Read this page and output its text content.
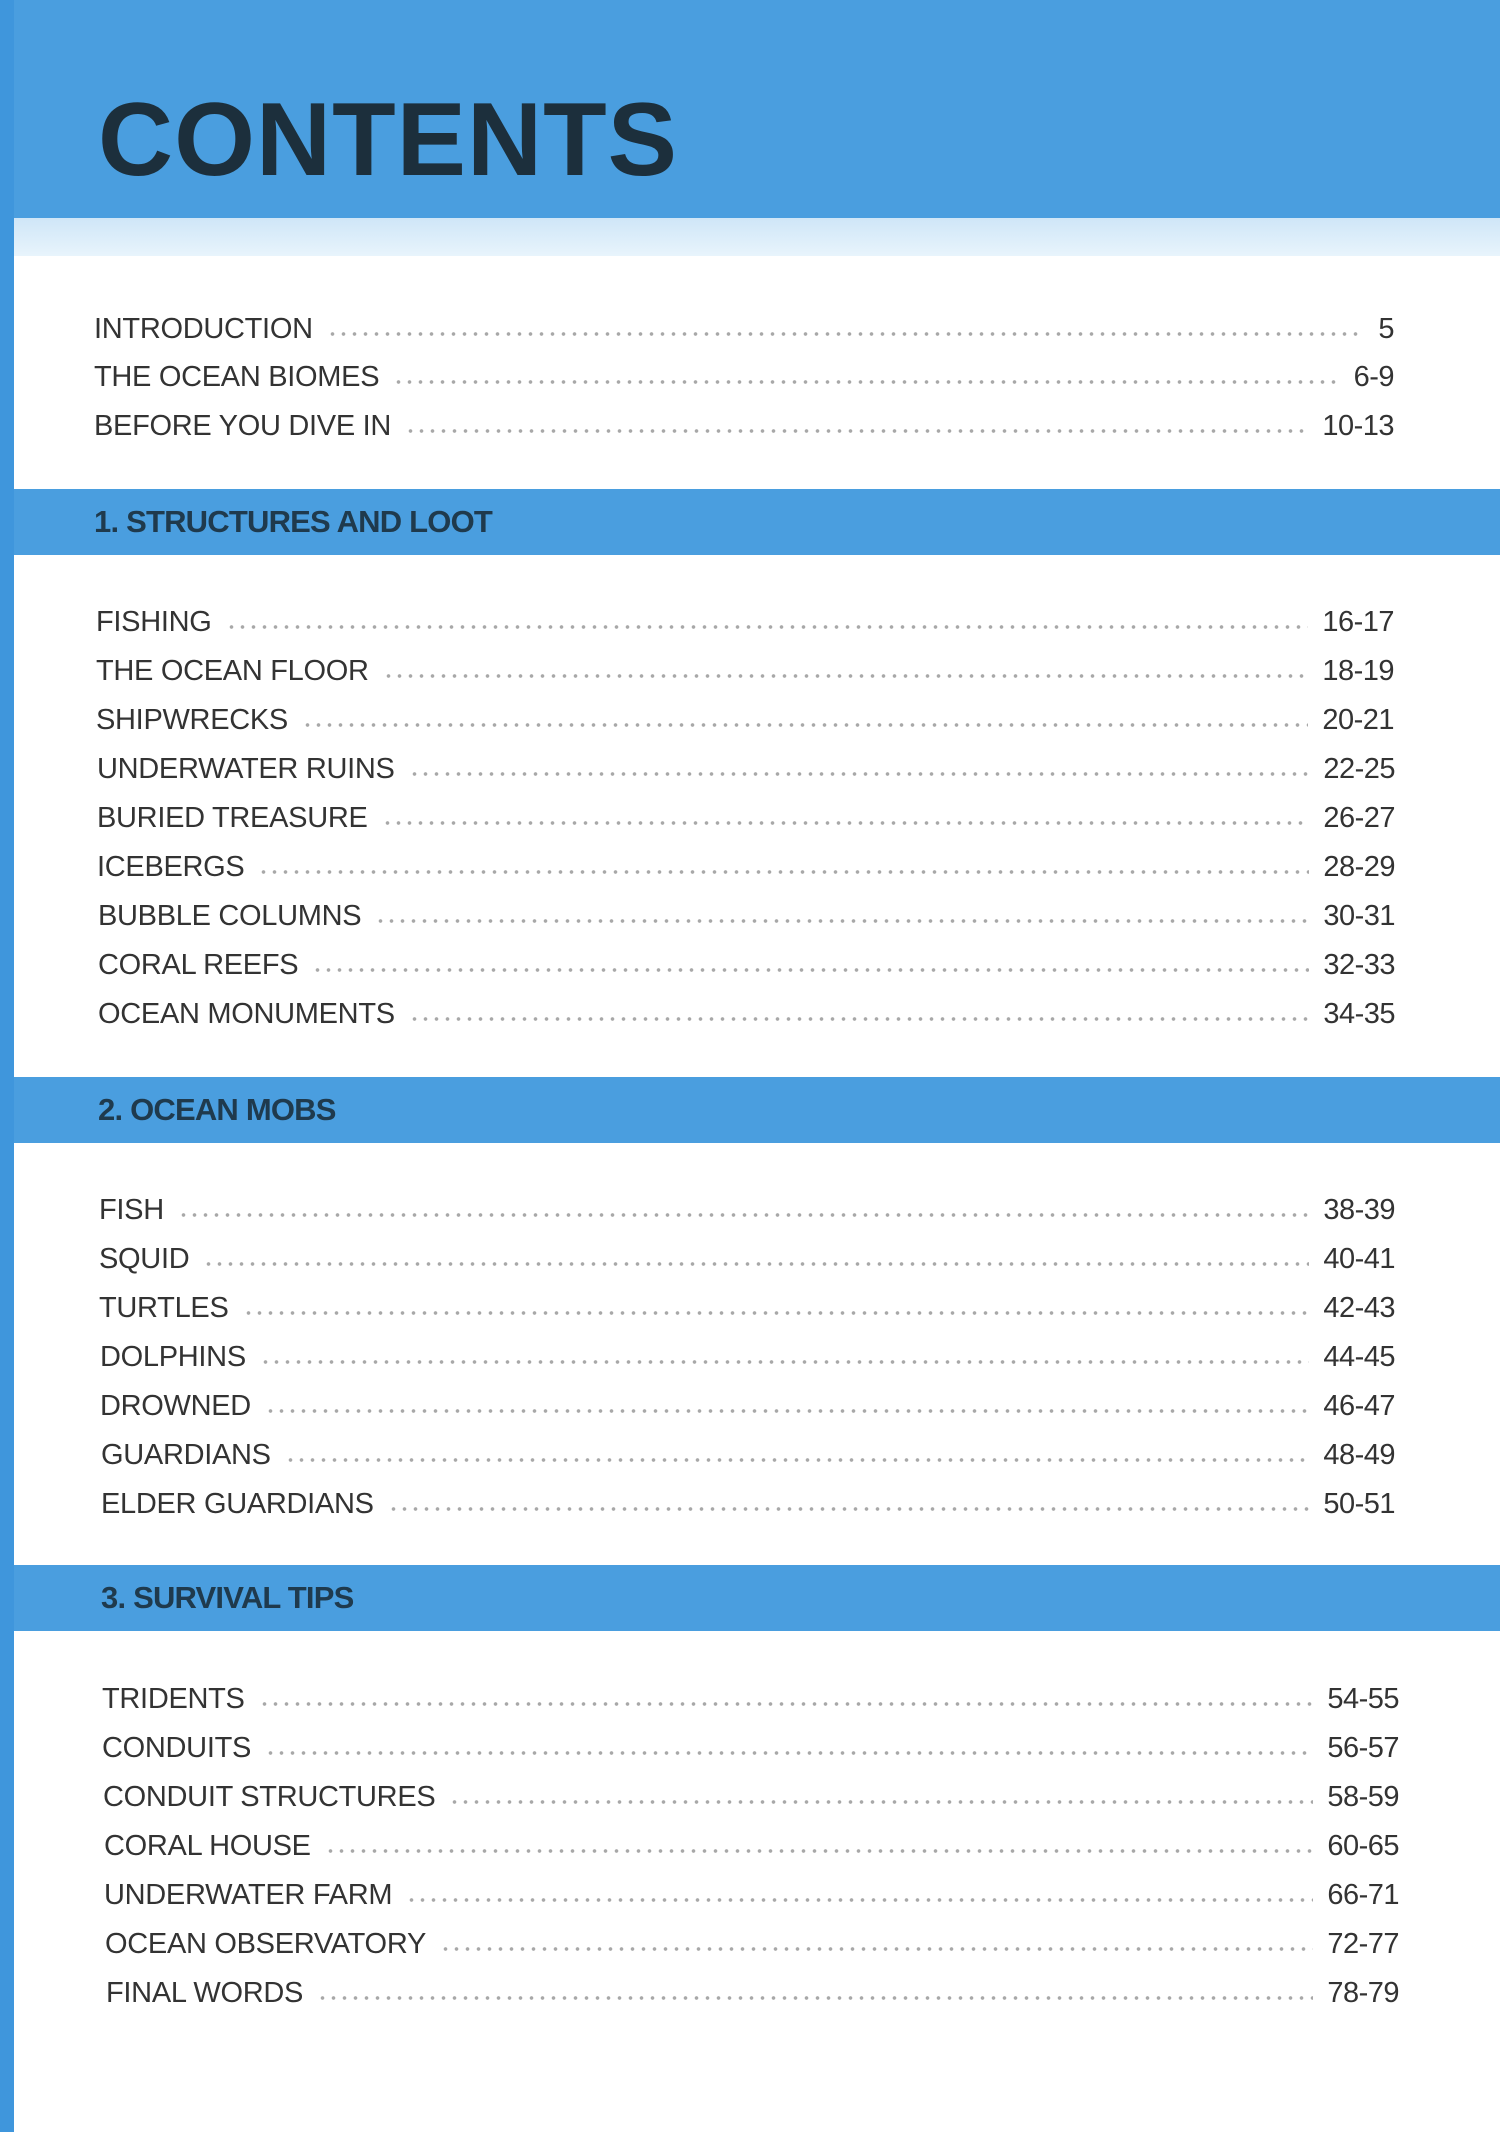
CONTENTS
INTRODUCTION	5
THE OCEAN BIOMES	6-9
BEFORE YOU DIVE IN	10-13
1. STRUCTURES AND LOOT
FISHING	16-17
THE OCEAN FLOOR	18-19
SHIPWRECKS	20-21
UNDERWATER RUINS	22-25
BURIED TREASURE	26-27
ICEBERGS	28-29
BUBBLE COLUMNS	30-31
CORAL REEFS	32-33
OCEAN MONUMENTS	34-35
2. OCEAN MOBS
FISH	38-39
SQUID	40-41
TURTLES	42-43
DOLPHINS	44-45
DROWNED	46-47
GUARDIANS	48-49
ELDER GUARDIANS	50-51
3. SURVIVAL TIPS
TRIDENTS	54-55
CONDUITS	56-57
CONDUIT STRUCTURES	58-59
CORAL HOUSE	60-65
UNDERWATER FARM	66-71
OCEAN OBSERVATORY	72-77
FINAL WORDS	78-79
